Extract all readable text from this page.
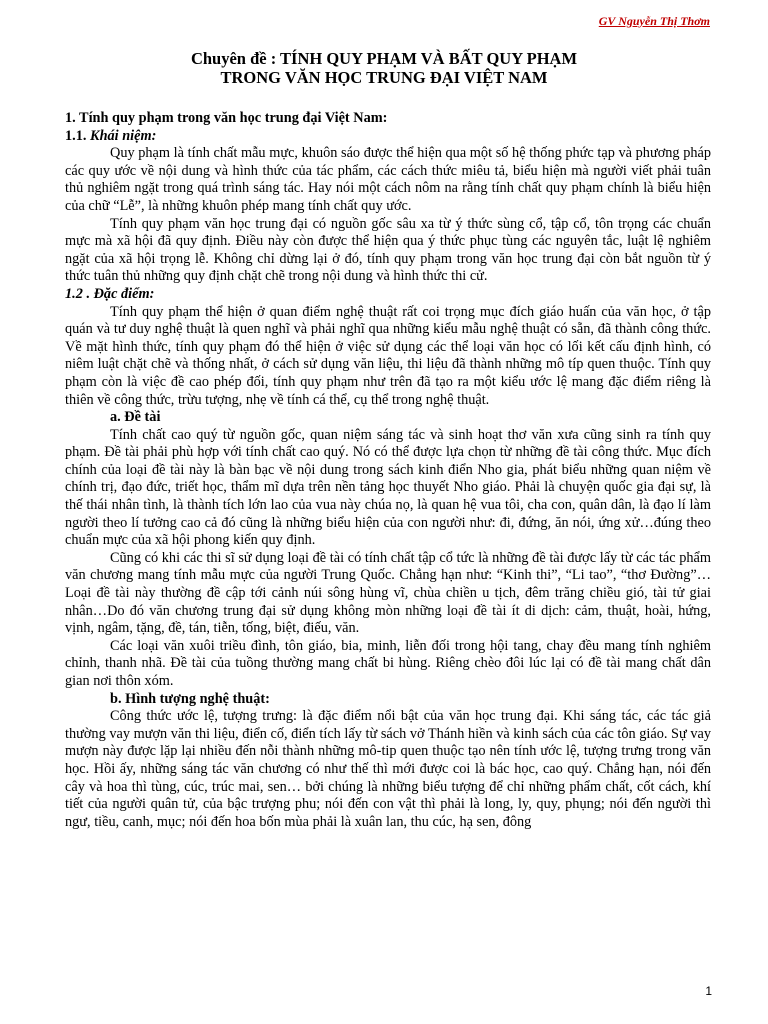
GV Nguyễn Thị Thơm
Chuyên đề : TÍNH QUY PHẠM VÀ BẤT QUY PHẠM
TRONG VĂN HỌC TRUNG ĐẠI VIỆT NAM

1. Tính quy phạm trong văn học trung đại Việt Nam:

1.1. Khái niệm:

Quy phạm là tính chất mẫu mực, khuôn sáo được thể hiện qua một số hệ thống phức tạp và phương pháp các quy ước về nội dung và hình thức của tác phẩm, các cách thức miêu tả, biểu hiện mà người viết phải tuân thủ nghiêm ngặt trong quá trình sáng tác. Hay nói một cách nôm na rằng tính chất quy phạm chính là biểu hiện của chữ “Lễ”, là những khuôn phép mang tính chất quy ước.

Tính quy phạm văn học trung đại có nguồn gốc sâu xa từ ý thức sùng cổ, tập cổ, tôn trọng các chuẩn mực mà xã hội đã quy định. Điều này còn được thể hiện qua ý thức phục tùng các nguyên tắc, luật lệ nghiêm ngặt của xã hội trọng lễ. Không chỉ dừng lại ở đó, tính quy phạm trong văn học trung đại còn bắt nguồn từ ý thức tuân thủ những quy định chặt chẽ trong nội dung và hình thức thi cử.

1.2 . Đặc điểm:

Tính quy phạm thể hiện ở quan điểm nghệ thuật rất coi trọng mục đích giáo huấn của văn học, ở tập quán và tư duy nghệ thuật là quen nghĩ và phải nghĩ qua những kiểu mẫu nghệ thuật có sẵn, đã thành công thức. Về mặt hình thức, tính quy phạm đó thể hiện ở việc sử dụng các thể loại văn học có lối kết cấu định hình, có niêm luật chặt chẽ và thống nhất, ở cách sử dụng văn liệu, thi liệu đã thành những mô típ quen thuộc. Tính quy phạm còn là việc đề cao phép đối, tính quy phạm như trên đã tạo ra một kiểu ước lệ mang đặc điểm riêng là thiên về công thức, trừu tượng, nhẹ về tính cá thể, cụ thể trong nghệ thuật.

a. Đề tài

Tính chất cao quý từ nguồn gốc, quan niệm sáng tác và sinh hoạt thơ văn xưa cũng sinh ra tính quy phạm. Đề tài phải phù hợp với tính chất cao quý. Nó có thể được lựa chọn từ những đề tài công thức. Mục đích chính của loại đề tài này là bàn bạc về nội dung trong sách kinh điển Nho gia, phát biểu những quan niệm về chính trị, đạo đức, triết học, thẩm mĩ dựa trên nền tảng học thuyết Nho giáo. Phải là chuyện quốc gia đại sự, là thế thái nhân tình, là thành tích lớn lao của vua này chúa nọ, là quan hệ vua tôi, cha con, quân dân, là đạo lí làm người theo lí tưởng cao cả đó cũng là những biểu hiện của con người như: đi, đứng, ăn nói, ứng xử…đúng theo chuẩn mực của xã hội phong kiến quy định.

Cũng có khi các thi sĩ sử dụng loại đề tài có tính chất tập cổ tức là những đề tài được lấy từ các tác phẩm văn chương mang tính mẫu mực của người Trung Quốc. Chẳng hạn như: “Kinh thi”, “Li tao”, “thơ Đường”…Loại đề tài này thường đề cập tới cảnh núi sông hùng vĩ, chùa chiền u tịch, đêm trăng chiều gió, tài tử giai nhân…Do đó văn chương trung đại sử dụng không mòn những loại đề tài ít di dịch: cảm, thuật, hoài, hứng, vịnh, ngâm, tặng, đề, tán, tiễn, tống, biệt, điếu, văn.

Các loại văn xuôi triều đình, tôn giáo, bia, minh, liễn đối trong hội tang, chay đều mang tính nghiêm chỉnh, thanh nhã. Đề tài của tuồng thường mang chất bi hùng. Riêng chèo đôi lúc lại có đề tài mang chất dân gian nơi thôn xóm.

b. Hình tượng nghệ thuật:

Công thức ước lệ, tượng trưng: là đặc điểm nổi bật của văn học trung đại. Khi sáng tác, các tác giả thường vay mượn văn thi liệu, điển cố, điển tích lấy từ sách vở Thánh hiền và kinh sách của các tôn giáo. Sự vay mượn này được lặp lại nhiều đến nỗi thành những mô-tip quen thuộc tạo nên tính ước lệ, tượng trưng trong văn học. Hồi ấy, những sáng tác văn chương có như thế thì mới được coi là bác học, cao quý. Chẳng hạn, nói đến cây và hoa thì tùng, cúc, trúc mai, sen… bởi chúng là những biểu tượng để chỉ những phẩm chất, cốt cách, khí tiết của người quân tử, của bậc trượng phu; nói đến con vật thì phải là long, ly, quy, phụng; nói đến người thì ngư, tiều, canh, mục; nói đến hoa bốn mùa phải là xuân lan, thu cúc, hạ sen, đông

1
